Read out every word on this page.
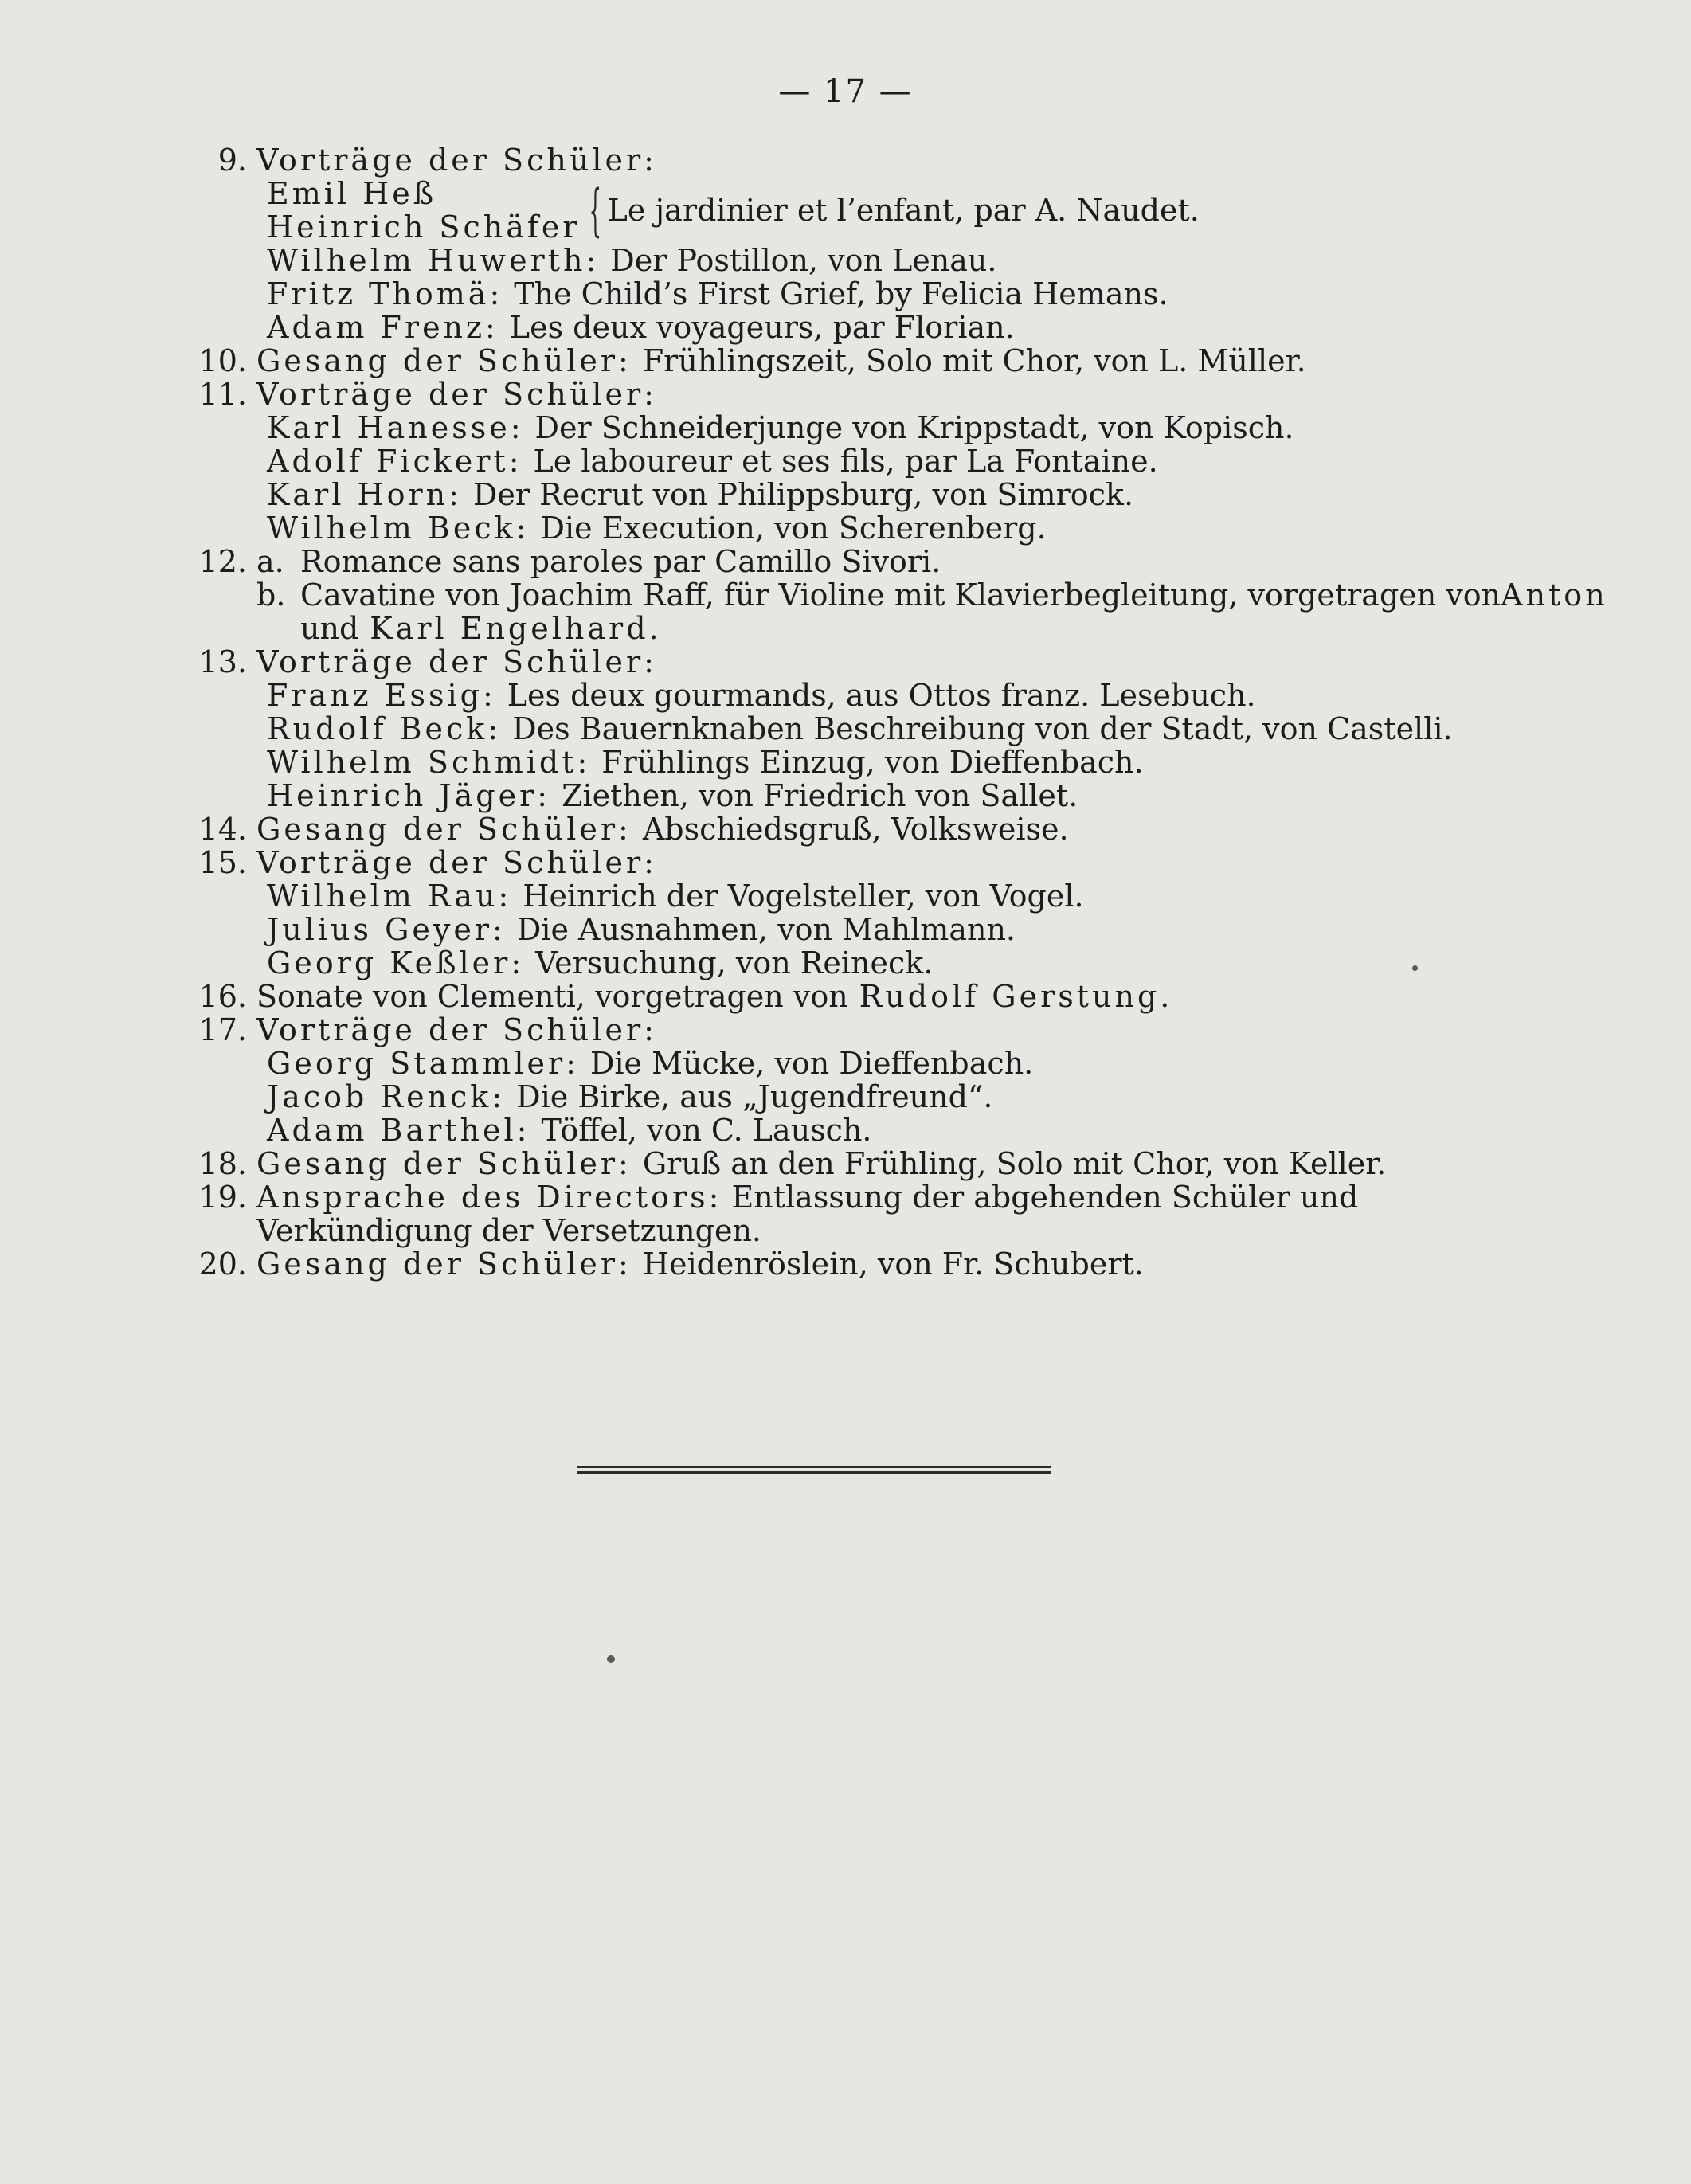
— 17 —
9. Vorträge der Schüler:
Emil Heß
Heinrich Schäfer { Le jardinier et l’enfant, par A. Naudet.
Wilhelm Huwerth: Der Postillon, von Lenau.
Fritz Thomä: The Child’s First Grief, by Felicia Hemans.
Adam Frenz: Les deux voyageurs, par Florian.
10. Gesang der Schüler: Frühlingszeit, Solo mit Chor, von L. Müller.
11. Vorträge der Schüler:
Karl Hanesse: Der Schneiderjunge von Krippstadt, von Kopisch.
Adolf Fickert: Le laboureur et ses fils, par La Fontaine.
Karl Horn: Der Recrut von Philippsburg, von Simrock.
Wilhelm Beck: Die Execution, von Scherenberg.
12. a. Romance sans paroles par Camillo Sivori.
b. Cavatine von Joachim Raff, für Violine mit Klavierbegleitung, vorgetragen von Anton
und Karl Engelhard.
13. Vorträge der Schüler:
Franz Essig: Les deux gourmands, aus Ottos franz. Lesebuch.
Rudolf Beck: Des Bauernknaben Beschreibung von der Stadt, von Castelli.
Wilhelm Schmidt: Frühlings Einzug, von Dieffenbach.
Heinrich Jäger: Ziethen, von Friedrich von Sallet.
14. Gesang der Schüler: Abschiedsgruß, Volksweise.
15. Vorträge der Schüler:
Wilhelm Rau: Heinrich der Vogelsteller, von Vogel.
Julius Geyer: Die Ausnahmen, von Mahlmann.
Georg Keßler: Versuchung, von Reineck.
16. Sonate von Clementi, vorgetragen von Rudolf Gerstung.
17. Vorträge der Schüler:
Georg Stammler: Die Mücke, von Dieffenbach.
Jacob Renck: Die Birke, aus „Jugendfreund“.
Adam Barthel: Töffel, von C. Lausch.
18. Gesang der Schüler: Gruß an den Frühling, Solo mit Chor, von Keller.
19. Ansprache des Directors: Entlassung der abgehenden Schüler und Verkündigung der Versetzungen.
20. Gesang der Schüler: Heidenröslein, von Fr. Schubert.
